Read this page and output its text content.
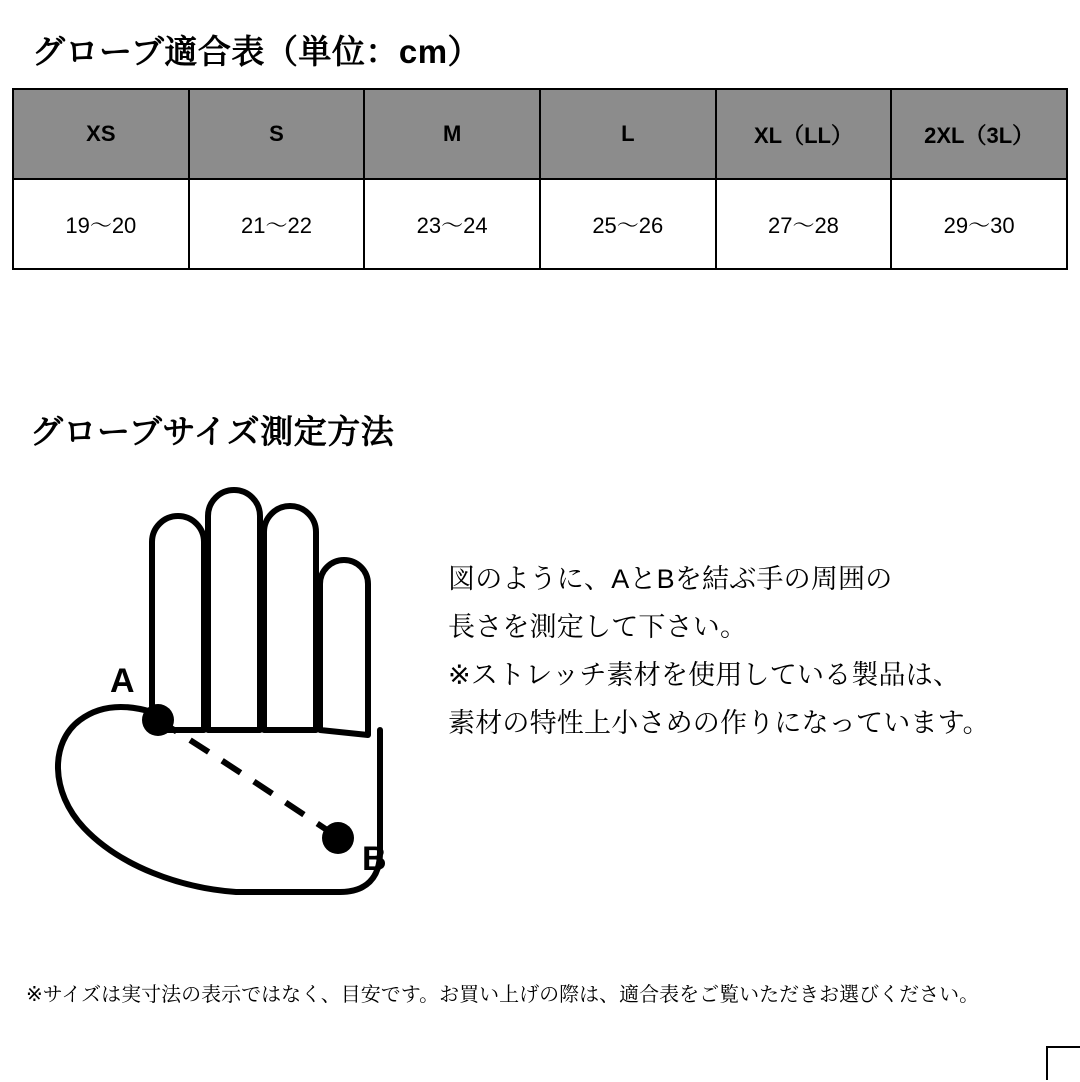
グローブ適合表（単位：cm）
XS	S	M	L	XL（LL）	2XL（3L）
19〜20	21〜22	23〜24	25〜26	27〜28	29〜30
グローブサイズ測定方法
A
B

図のように、AとBを結ぶ手の周囲の

長さを測定して下さい。

※ストレッチ素材を使用している製品は、

素材の特性上小さめの作りになっています。

※サイズは実寸法の表示ではなく、目安です。お買い上げの際は、適合表をご覧いただきお選びください。
